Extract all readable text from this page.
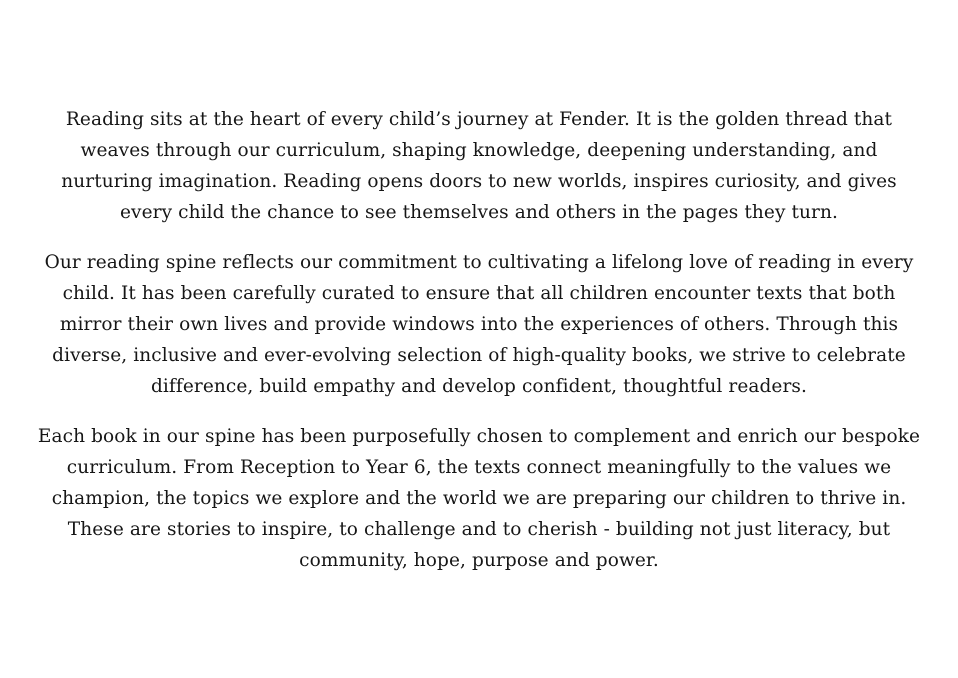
Reading sits at the heart of every child’s journey at Fender. It is the golden thread that weaves through our curriculum, shaping knowledge, deepening understanding, and nurturing imagination. Reading opens doors to new worlds, inspires curiosity, and gives every child the chance to see themselves and others in the pages they turn.

Our reading spine reflects our commitment to cultivating a lifelong love of reading in every child. It has been carefully curated to ensure that all children encounter texts that both mirror their own lives and provide windows into the experiences of others. Through this diverse, inclusive and ever-evolving selection of high-quality books, we strive to celebrate difference, build empathy and develop confident, thoughtful readers.

Each book in our spine has been purposefully chosen to complement and enrich our bespoke curriculum. From Reception to Year 6, the texts connect meaningfully to the values we champion, the topics we explore and the world we are preparing our children to thrive in. These are stories to inspire, to challenge and to cherish - building not just literacy, but community, hope, purpose and power.
